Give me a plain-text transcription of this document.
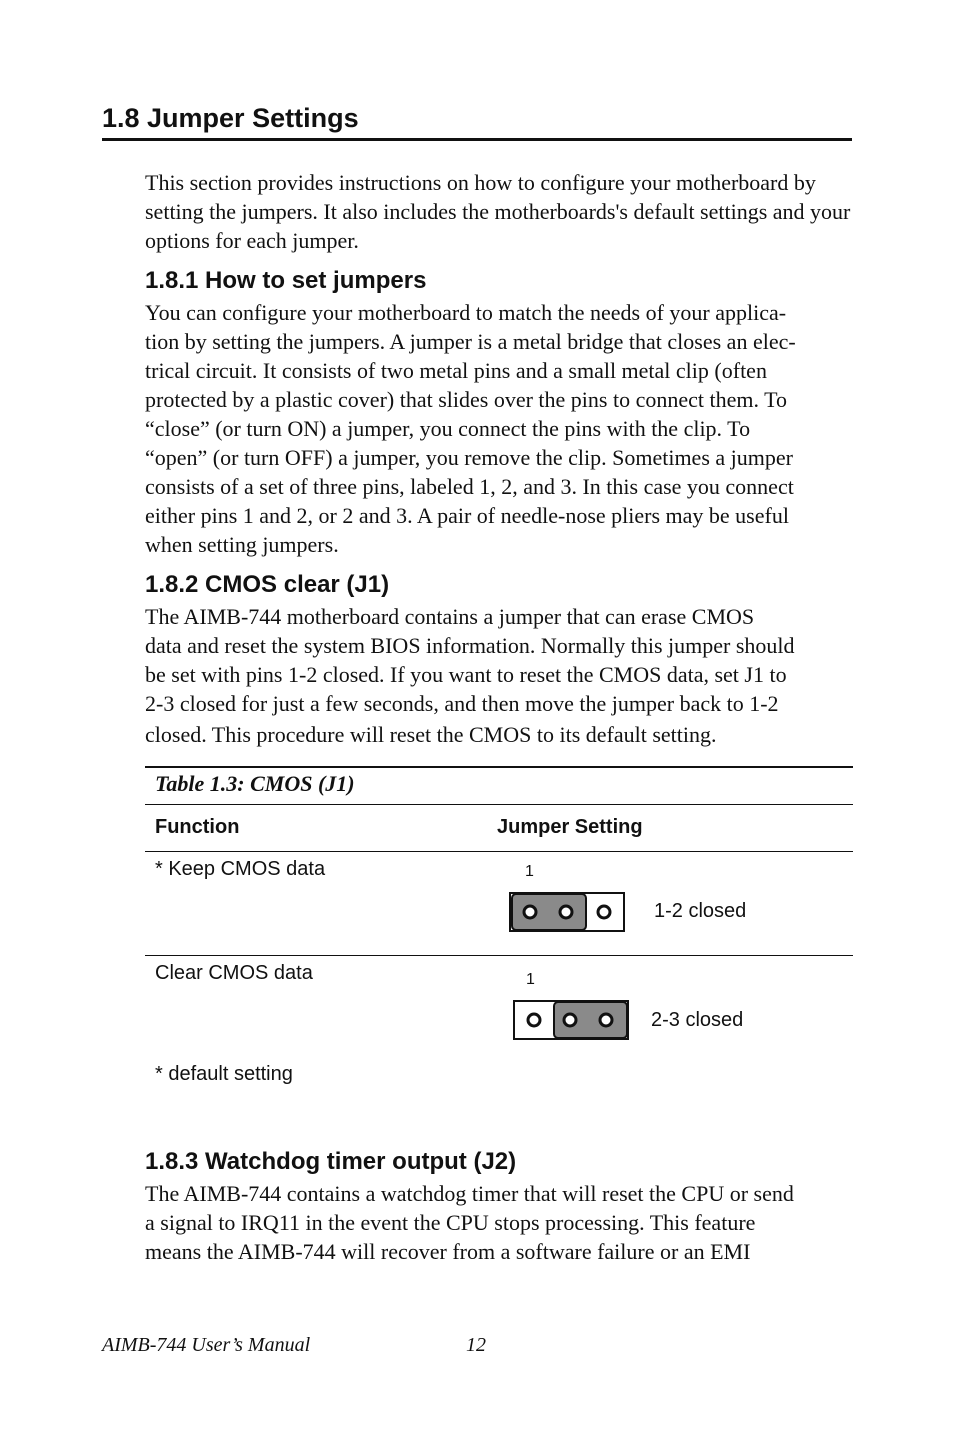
1.8 Jumper Settings

This section provides instructions on how to configure your motherboard by setting the jumpers. It also includes the motherboards's default settings and your options for each jumper.

1.8.1 How to set jumpers
You can configure your motherboard to match the needs of your applica-
tion by setting the jumpers. A jumper is a metal bridge that closes an elec-
trical circuit. It consists of two metal pins and a small metal clip (often
protected by a plastic cover) that slides over the pins to connect them. To
“close” (or turn ON) a jumper, you connect the pins with the clip. To
“open” (or turn OFF) a jumper, you remove the clip. Sometimes a jumper
consists of a set of three pins, labeled 1, 2, and 3. In this case you connect
either pins 1 and 2, or 2 and 3. A pair of needle-nose pliers may be useful
when setting jumpers.
1.8.2 CMOS clear (J1)
The AIMB-744 motherboard contains a jumper that can erase CMOS
data and reset the system BIOS information. Normally this jumper should
be set with pins 1-2 closed. If you want to reset the CMOS data, set J1 to
2-3 closed for just a few seconds, and then move the jumper back to 1-2
closed. This procedure will reset the CMOS to its default setting.
Table 1.3: CMOS (J1)
Function	Jumper Setting
* Keep CMOS data	1
1-2 closed
Clear CMOS data	1
2-3 closed
* default setting
1.8.3 Watchdog timer output (J2)
The AIMB-744 contains a watchdog timer that will reset the CPU or send
a signal to IRQ11 in the event the CPU stops processing. This feature
means the AIMB-744 will recover from a software failure or an EMI
AIMB-744 User’s Manual	12
